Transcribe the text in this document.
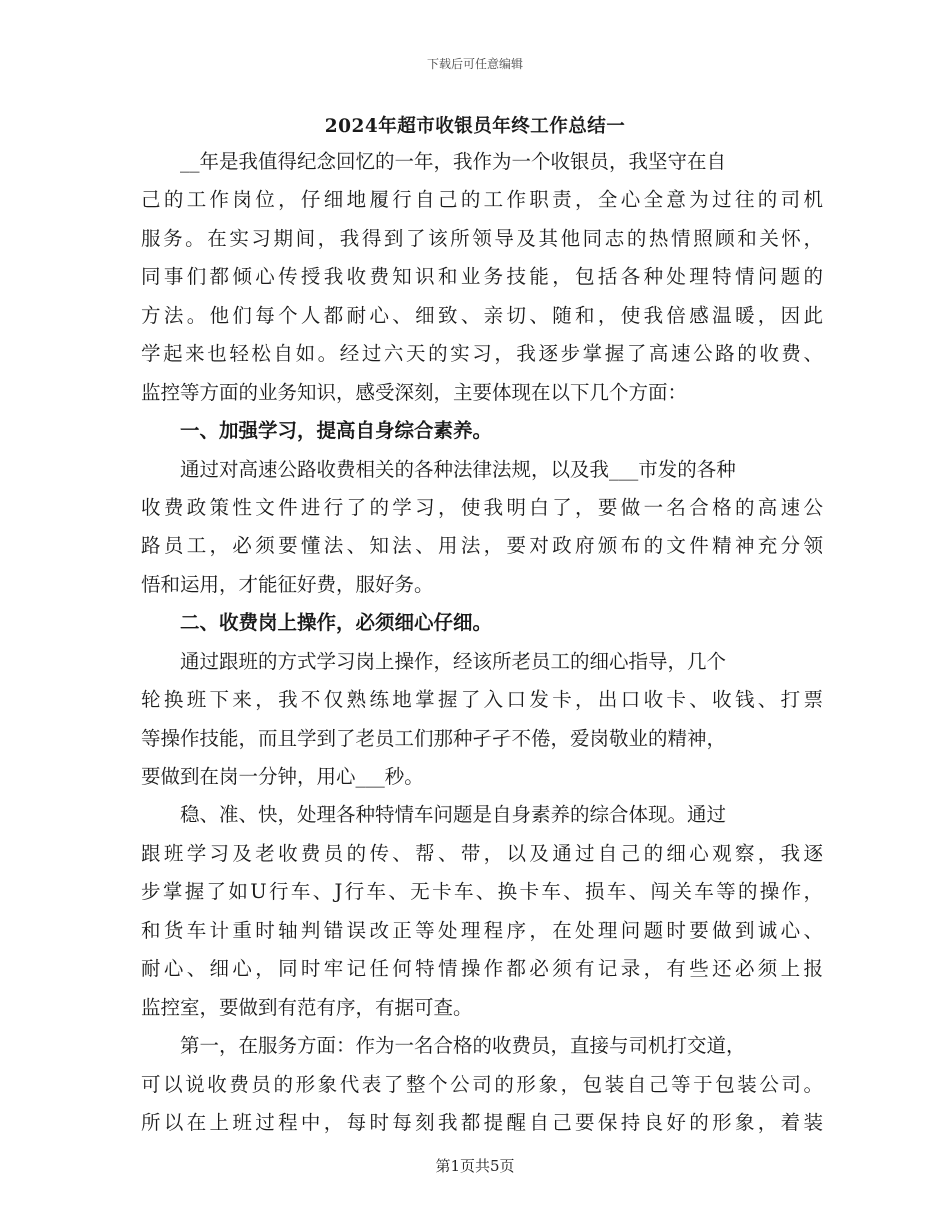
下载后可任意编辑
2024年超市收银员年终工作总结一
__年是我值得纪念回忆的一年，我作为一个收银员，我坚守在自
己的工作岗位，仔细地履行自己的工作职责，全心全意为过往的司机
服务。在实习期间，我得到了该所领导及其他同志的热情照顾和关怀，
同事们都倾心传授我收费知识和业务技能，包括各种处理特情问题的
方法。他们每个人都耐心、细致、亲切、随和，使我倍感温暖，因此
学起来也轻松自如。经过六天的实习，我逐步掌握了高速公路的收费、
监控等方面的业务知识，感受深刻，主要体现在以下几个方面：
一、加强学习，提高自身综合素养。
通过对高速公路收费相关的各种法律法规，以及我___市发的各种
收费政策性文件进行了的学习，使我明白了，要做一名合格的高速公
路员工，必须要懂法、知法、用法，要对政府颁布的文件精神充分领
悟和运用，才能征好费，服好务。
二、收费岗上操作，必须细心仔细。
通过跟班的方式学习岗上操作，经该所老员工的细心指导，几个
轮换班下来，我不仅熟练地掌握了入口发卡，出口收卡、收钱、打票
等操作技能，而且学到了老员工们那种孑孑不倦，爱岗敬业的精神，
要做到在岗一分钟，用心___秒。
稳、准、快，处理各种特情车问题是自身素养的综合体现。通过
跟班学习及老收费员的传、帮、带，以及通过自己的细心观察，我逐
步掌握了如U行车、J行车、无卡车、换卡车、损车、闯关车等的操作，
和货车计重时轴判错误改正等处理程序，在处理问题时要做到诚心、
耐心、细心，同时牢记任何特情操作都必须有记录，有些还必须上报
监控室，要做到有范有序，有据可查。
第一，在服务方面：作为一名合格的收费员，直接与司机打交道，
可以说收费员的形象代表了整个公司的形象，包装自己等于包装公司。
所以在上班过程中，每时每刻我都提醒自己要保持良好的形象，着装
第1页共5页
